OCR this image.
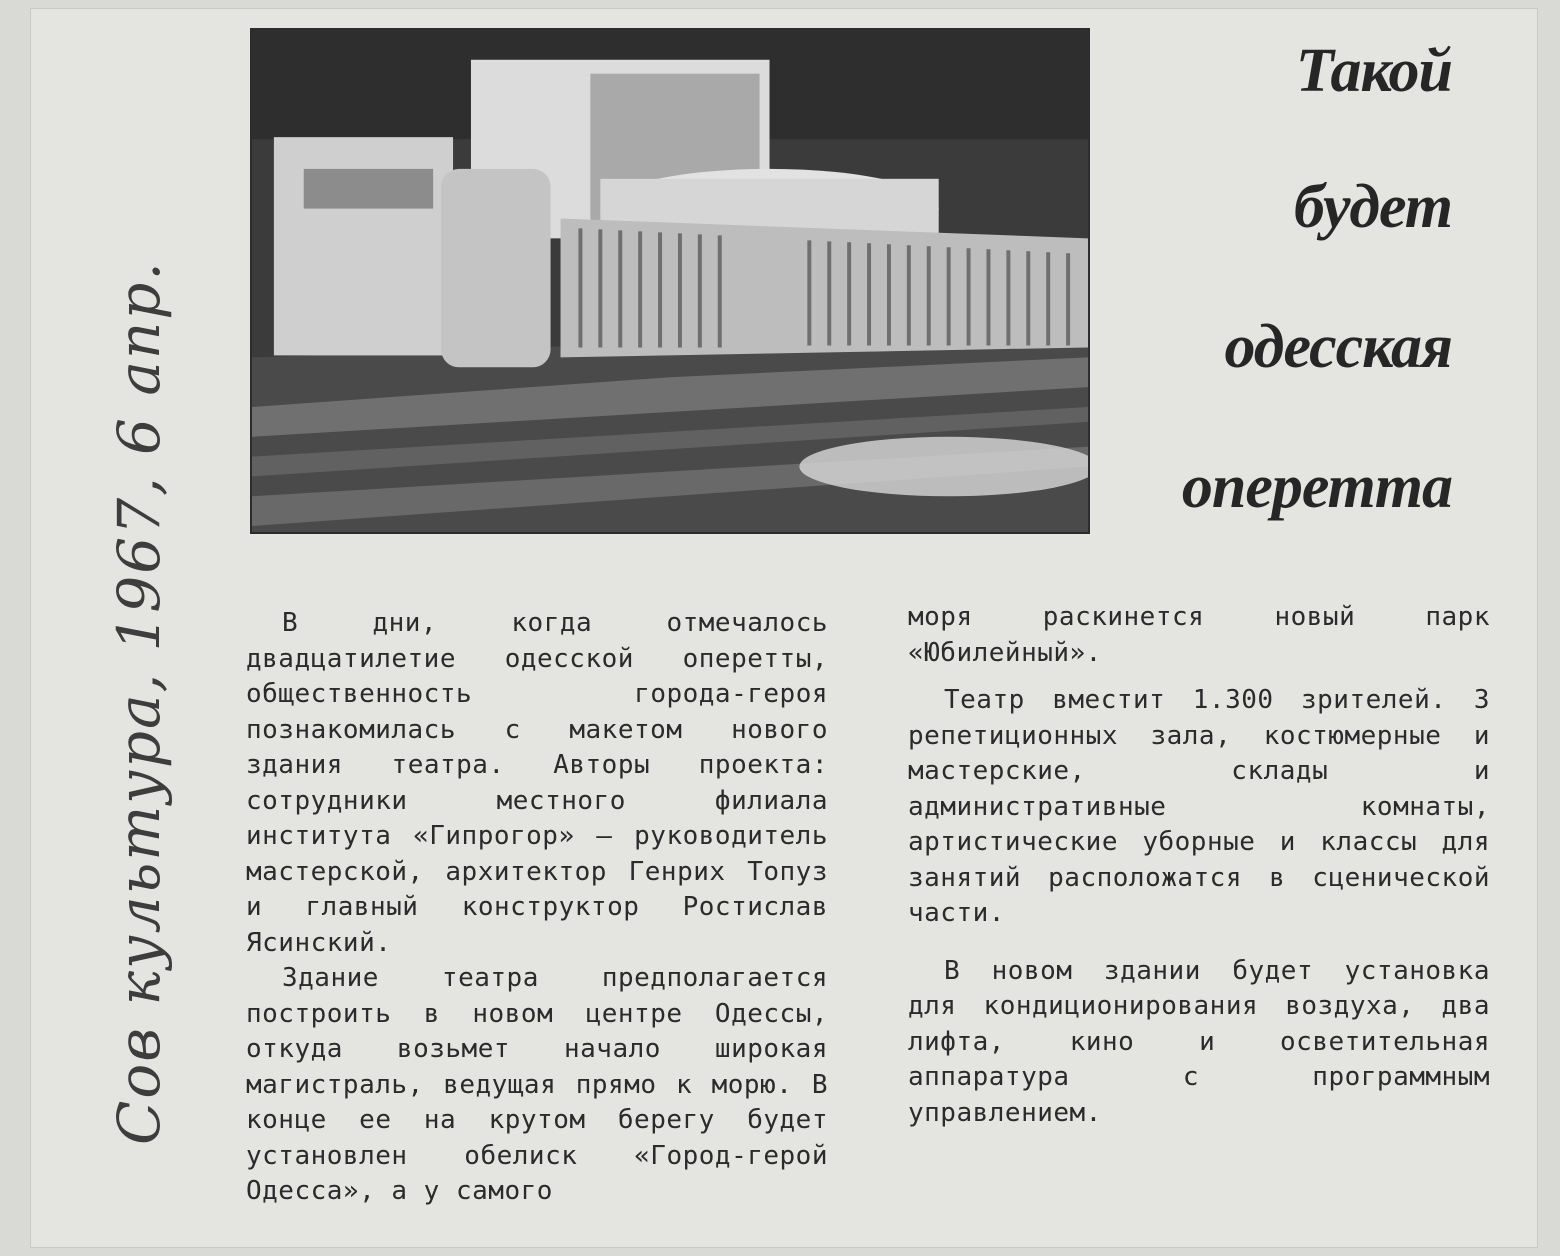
Такой
будет
одесская
оперетта
Сов культура, 1967, 6 апр.	В дни, когда отмечалось двадцатилетие одесской оперетты, общественность города-героя познакомилась с макетом нового здания театра. Авторы проекта: сотрудники местного филиала института «Гипрогор» — руководитель мастерской, архитектор Генрих Топуз и главный конструктор Ростислав Ясинский.

Здание театра предполагается построить в новом центре Одессы, откуда возьмет начало широкая магистраль, ведущая прямо к морю. В конце ее на крутом берегу будет установлен обелиск «Город-герой Одесса», а у самого

моря раскинется новый парк «Юбилейный».

Театр вместит 1.300 зрителей. 3 репетиционных зала, костюмерные и мастерские, склады и административные комнаты, артистические уборные и классы для занятий расположатся в сценической части.

В новом здании будет установка для кондиционирования воздуха, два лифта, кино и осветительная аппаратура с программным управлением.
